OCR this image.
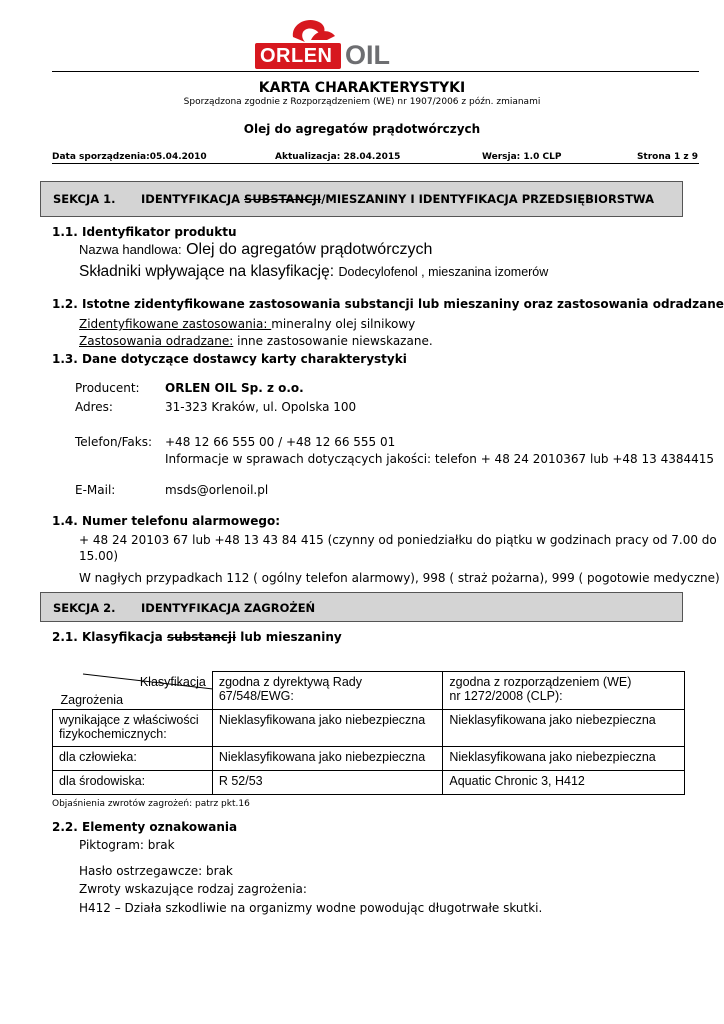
ORLEN OIL
KARTA CHARAKTERYSTYKI
Sporządzona zgodnie z Rozporządzeniem (WE) nr 1907/2006 z późn. zmianami
Olej do agregatów prądotwórczych
Data sporządzenia:05.04.2010	Aktualizacja: 28.04.2015	Wersja: 1.0 CLP	Strona 1 z 9
SEKCJA 1. IDENTYFIKACJA SUBSTANCJI/MIESZANINY I IDENTYFIKACJA PRZEDSIĘBIORSTWA
1.1. Identyfikator produktu
Nazwa handlowa: Olej do agregatów prądotwórczych
Składniki wpływające na klasyfikację: Dodecylofenol , mieszanina izomerów
1.2. Istotne zidentyfikowane zastosowania substancji lub mieszaniny oraz zastosowania odradzane
Zidentyfikowane zastosowania: mineralny olej silnikowy
Zastosowania odradzane: inne zastosowanie niewskazane.
1.3. Dane dotyczące dostawcy karty charakterystyki
Producent: ORLEN OIL Sp. z o.o.
Adres:	31-323 Kraków, ul. Opolska 100
Telefon/Faks: +48 12 66 555 00 / +48 12 66 555 01
Informacje w sprawach dotyczących jakości: telefon + 48 24 2010367 lub +48 13 4384415
E-Mail:	msds@orlenoil.pl
1.4. Numer telefonu alarmowego:
+ 48 24 20103 67 lub +48 13 43 84 415 (czynny od poniedziałku do piątku w godzinach pracy od 7.00 do
15.00)
W nagłych przypadkach 112 ( ogólny telefon alarmowy), 998 ( straż pożarna), 999 ( pogotowie medyczne)
SEKCJA 2. IDENTYFIKACJA ZAGROŻEŃ
2.1. Klasyfikacja substancji lub mieszaniny
Klasyfikacja
Zagrożenia	zgodna z dyrektywą Rady 67/548/EWG:	zgodna z rozporządzeniem (WE) nr 1272/2008 (CLP):
wynikające z właściwości fizykochemicznych:	Nieklasyfikowana jako niebezpieczna	Nieklasyfikowana jako niebezpieczna
dla człowieka:	Nieklasyfikowana jako niebezpieczna	Nieklasyfikowana jako niebezpieczna
dla środowiska:	R 52/53	Aquatic Chronic 3, H412
Objaśnienia zwrotów zagrożeń: patrz pkt.16
2.2. Elementy oznakowania
Piktogram: brak
Hasło ostrzegawcze: brak
Zwroty wskazujące rodzaj zagrożenia:
H412 – Działa szkodliwie na organizmy wodne powodując długotrwałe skutki.
